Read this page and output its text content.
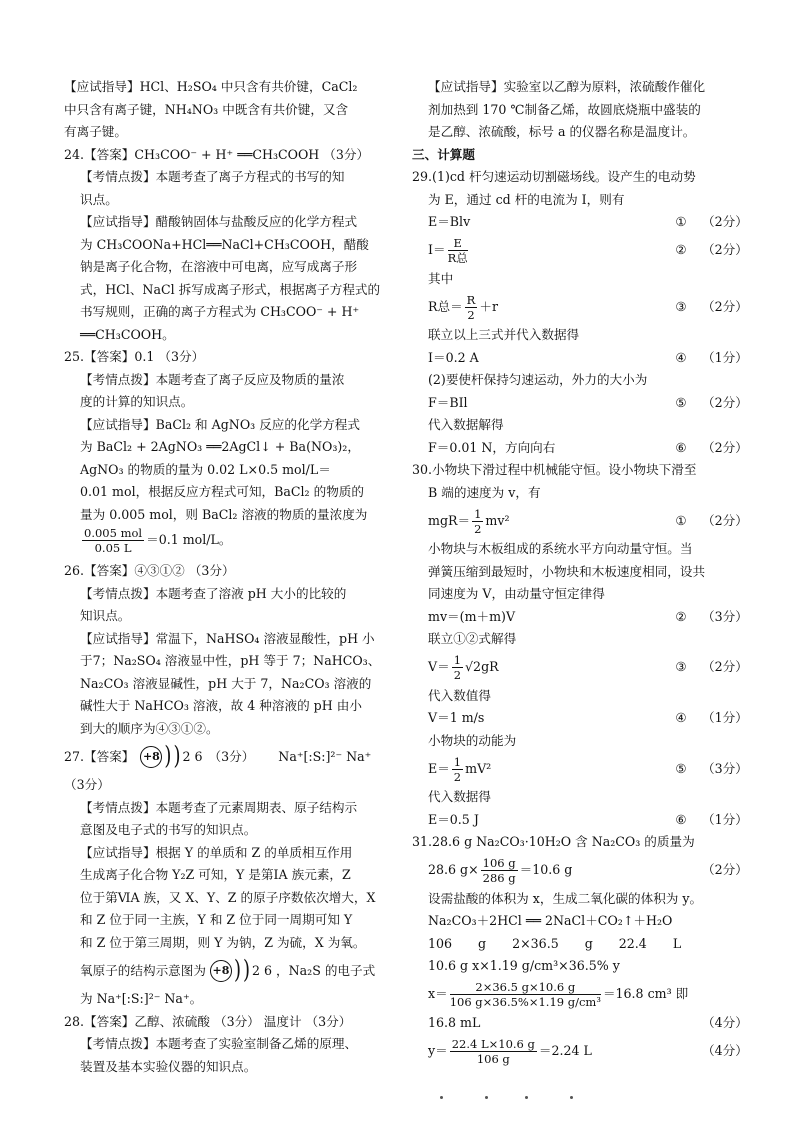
【应试指导】HCl、H₂SO₄ 中只含有共价键，CaCl₂

中只含有离子键，NH₄NO₃ 中既含有共价键，又含

有离子键。

24.【答案】CH₃COO⁻ + H⁺ ══CH₃COOH （3分）

【考情点拨】本题考查了离子方程式的书写的知

识点。

【应试指导】醋酸钠固体与盐酸反应的化学方程式

为 CH₃COONa+HCl══NaCl+CH₃COOH，醋酸

钠是离子化合物，在溶液中可电离，应写成离子形

式，HCl、NaCl 拆写成离子形式，根据离子方程式的

书写规则，正确的离子方程式为 CH₃COO⁻ + H⁺

══CH₃COOH。

25.【答案】0.1 （3分）

【考情点拨】本题考查了离子反应及物质的量浓

度的计算的知识点。

【应试指导】BaCl₂ 和 AgNO₃ 反应的化学方程式

为 BaCl₂ + 2AgNO₃ ══2AgCl↓ + Ba(NO₃)₂，

AgNO₃ 的物质的量为 0.02 L×0.5 mol/L＝

0.01 mol，根据反应方程式可知，BaCl₂ 的物质的

量为 0.005 mol，则 BaCl₂ 溶液的物质的量浓度为

$\frac{\text{0.005 mol}}{0.05 L} =0.1$ mol/L。

26.【答案】④③①② （3分）

【考情点拨】本题考查了溶液 pH 大小的比较的

知识点。

【应试指导】常温下，NaHSO₄ 溶液显酸性，pH 小

于7；Na₂SO₄ 溶液显中性，pH 等于 7；NaHCO₃、

Na₂CO₃ 溶液显碱性，pH 大于 7，Na₂CO₃ 溶液的

碱性大于 NaHCO₃ 溶液，故 4 种溶液的 pH 由小

到大的顺序为④③①②。

27.【答案】 +8 ) ) 2 6 （3分） Na⁺[:S:]²⁻ Na⁺

（3分）

【考情点拨】本题考查了元素周期表、原子结构示

意图及电子式的书写的知识点。

【应试指导】根据 Y 的单质和 Z 的单质相互作用

生成离子化合物 Y₂Z 可知，Y 是第ⅠA 族元素，Z

位于第ⅥA 族，又 X、Y、Z 的原子序数依次增大，X

和 Z 位于同一主族，Y 和 Z 位于同一周期可知 Y

和 Z 位于第三周期，则 Y 为钠，Z 为硫，X 为氧。

氧原子的结构示意图为 +8 ) ) 2 6 ，Na₂S 的电子式

为 Na⁺[:S:]²⁻ Na⁺。

28.【答案】乙醇、浓硫酸 （3分） 温度计 （3分）

【考情点拨】本题考查了实验室制备乙烯的原理、

装置及基本实验仪器的知识点。

【应试指导】实验室以乙醇为原料，浓硫酸作催化

剂加热到 170 ℃制备乙烯，故圆底烧瓶中盛装的

是乙醇、浓硫酸，标号 a 的仪器名称是温度计。

三、计算题

29.(1)cd 杆匀速运动切割磁场线。设产生的电动势

为 E，通过 cd 杆的电流为 I，则有

E＝Blv	①	（2分）
$I= \frac{E}{\text{R总}}$	②	（2分）

其中

R总＝ $\frac{R}{2} +r$	③	（2分）

联立以上三式并代入数据得

I＝0.2 A	④	（1分）

(2)要使杆保持匀速运动，外力的大小为

F＝BIl	⑤	（2分）

代入数据解得

F＝0.01 N，方向向右	⑥	（2分）

30.小物块下滑过程中机械能守恒。设小物块下滑至

B 端的速度为 v，有

$mgR= \frac{1}{2} mv^2$	①	（2分）

小物块与木板组成的系统水平方向动量守恒。当

弹簧压缩到最短时，小物块和木板速度相同，设共

同速度为 V，由动量守恒定律得

mv＝(m＋m)V	②	（3分）

联立①②式解得

$V= \frac{1}{2} √2gR$	③	（2分）

代入数值得

V＝1 m/s	④	（1分）

小物块的动能为

$E= \frac{1}{2} mV^2$	⑤	（3分）

代入数据得

E＝0.5 J	⑥	（1分）

31.28.6 g Na₂CO₃·10H₂O 含 Na₂CO₃ 的质量为

28.6 $g\times \frac{106 g}{286 g} =10.6$ g	（2分）

设需盐酸的体积为 x，生成二氧化碳的体积为 y。

Na₂CO₃＋2HCl ══ 2NaCl＋CO₂↑＋H₂O

106 g 2×36.5 g 22.4 L

10.6 g x×1.19 g/cm³×36.5% y

$x= \frac{2\times 36.5 g\times 10.6 g}{\text{106 g×36.5\%×1.19 g/cm³}} =16.8$ cm³ 即
16.8 mL	（4分）
$y= \frac{22.4 L\times 10.6 g}{106 g} =2.24$ L	（4分）
